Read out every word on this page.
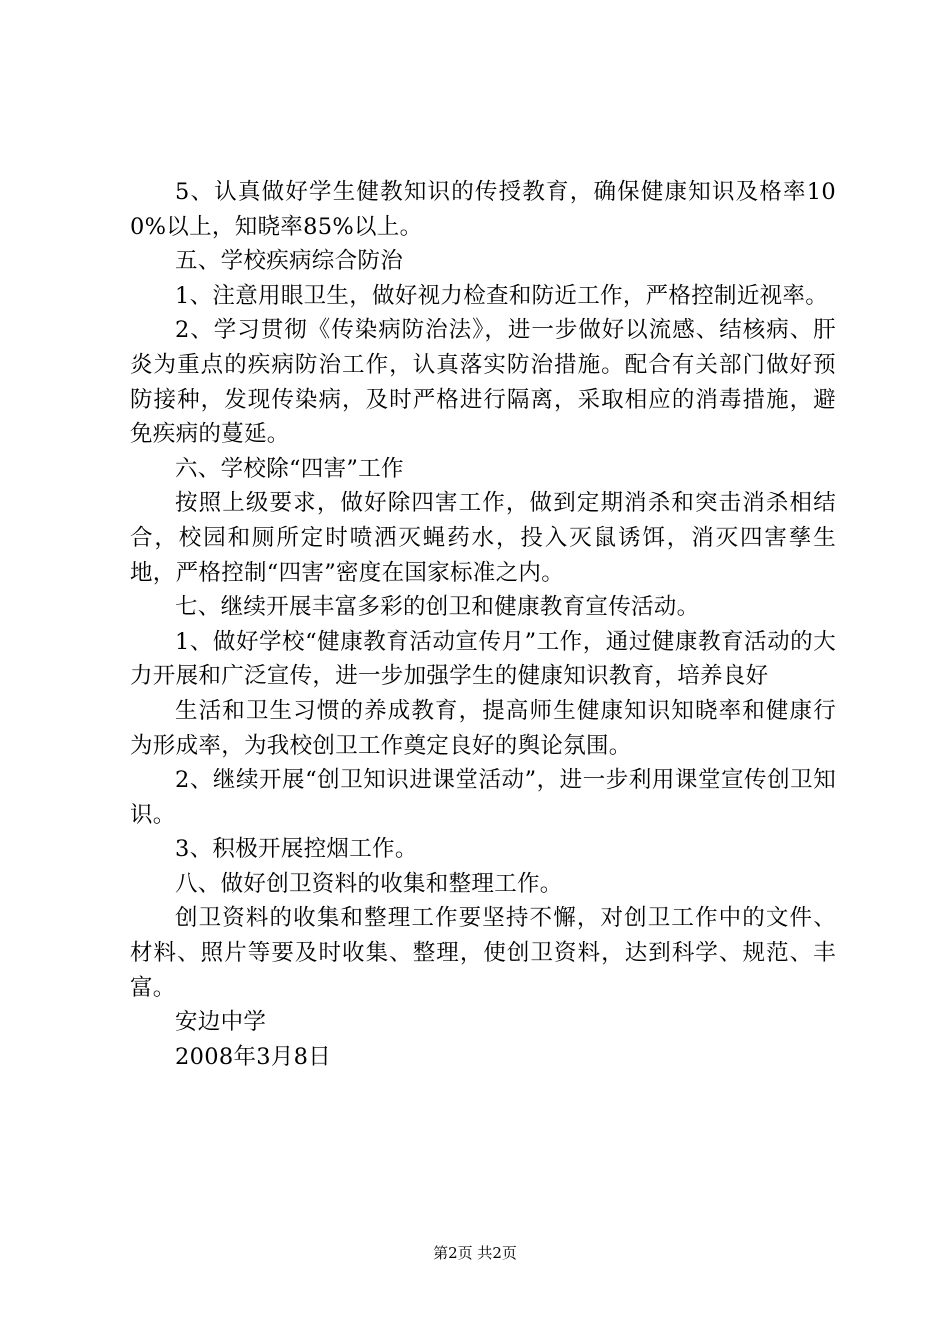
5、认真做好学生健教知识的传授教育，确保健康知识及格率100%以上，知晓率85%以上。

五、学校疾病综合防治

1、注意用眼卫生，做好视力检查和防近工作，严格控制近视率。

2、学习贯彻《传染病防治法》，进一步做好以流感、结核病、肝炎为重点的疾病防治工作，认真落实防治措施。配合有关部门做好预防接种，发现传染病，及时严格进行隔离，采取相应的消毒措施，避免疾病的蔓延。

六、学校除“四害”工作

按照上级要求，做好除四害工作，做到定期消杀和突击消杀相结合，校园和厕所定时喷洒灭蝇药水，投入灭鼠诱饵，消灭四害孳生地，严格控制“四害”密度在国家标准之内。

七、继续开展丰富多彩的创卫和健康教育宣传活动。

1、做好学校“健康教育活动宣传月”工作，通过健康教育活动的大力开展和广泛宣传，进一步加强学生的健康知识教育，培养良好

生活和卫生习惯的养成教育，提高师生健康知识知晓率和健康行为形成率，为我校创卫工作奠定良好的舆论氛围。

2、继续开展“创卫知识进课堂活动”，进一步利用课堂宣传创卫知识。

3、积极开展控烟工作。

八、做好创卫资料的收集和整理工作。

创卫资料的收集和整理工作要坚持不懈，对创卫工作中的文件、材料、照片等要及时收集、整理，使创卫资料，达到科学、规范、丰富。

安边中学

2008年3月8日

第2页 共2页
